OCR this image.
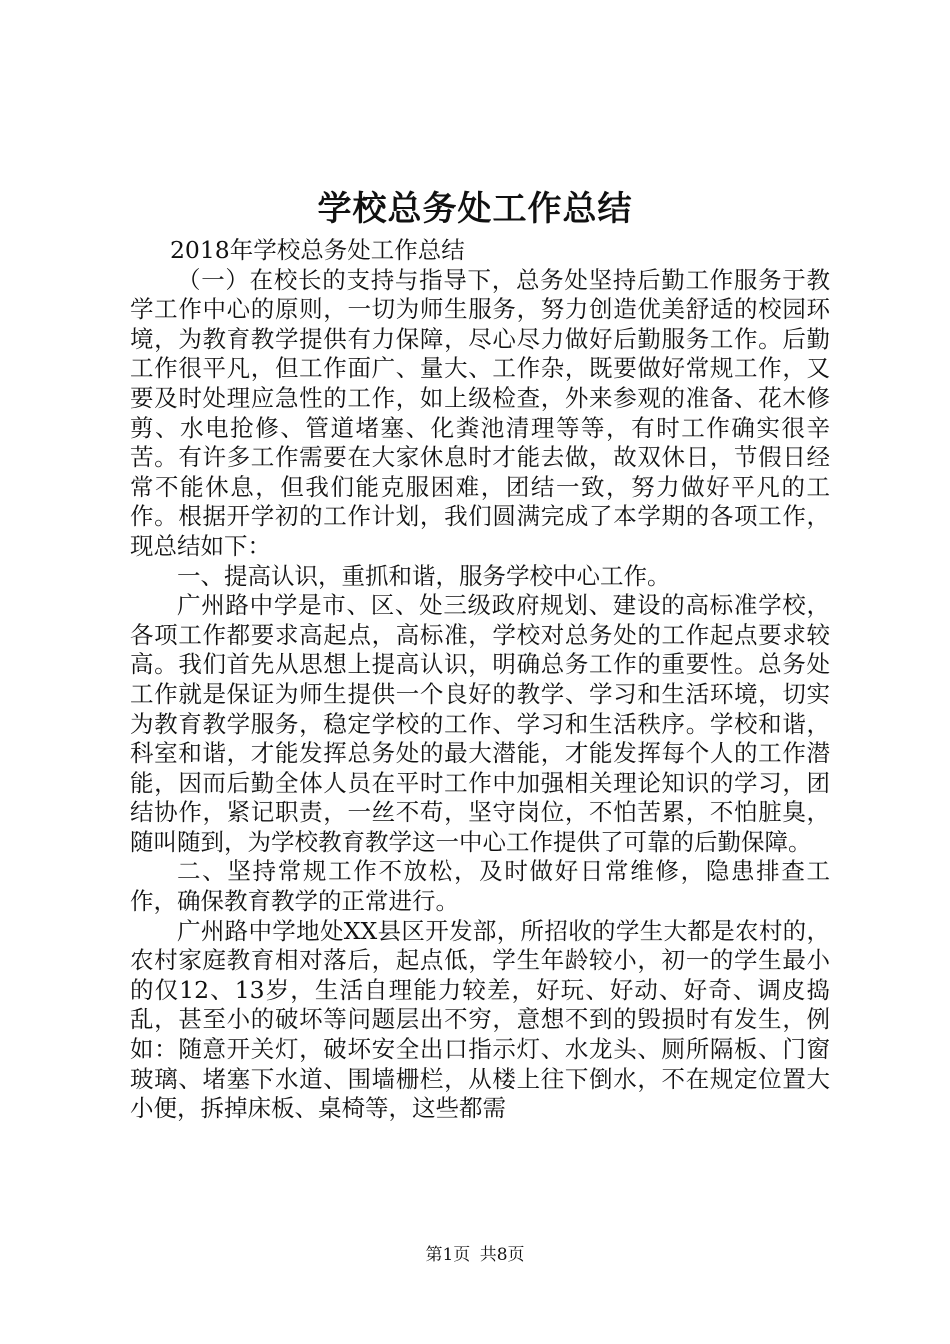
学校总务处工作总结

2018年学校总务处工作总结

（一）在校长的支持与指导下，总务处坚持后勤工作服务于教学工作中心的原则，一切为师生服务，努力创造优美舒适的校园环境，为教育教学提供有力保障，尽心尽力做好后勤服务工作。后勤工作很平凡，但工作面广、量大、工作杂，既要做好常规工作，又要及时处理应急性的工作，如上级检查，外来参观的准备、花木修剪、水电抢修、管道堵塞、化粪池清理等等，有时工作确实很辛苦。有许多工作需要在大家休息时才能去做，故双休日，节假日经常不能休息，但我们能克服困难，团结一致，努力做好平凡的工作。根据开学初的工作计划，我们圆满完成了本学期的各项工作，现总结如下：

一、提高认识，重抓和谐，服务学校中心工作。

广州路中学是市、区、处三级政府规划、建设的高标准学校，各项工作都要求高起点，高标准，学校对总务处的工作起点要求较高。我们首先从思想上提高认识，明确总务工作的重要性。总务处工作就是保证为师生提供一个良好的教学、学习和生活环境，切实为教育教学服务，稳定学校的工作、学习和生活秩序。学校和谐，科室和谐，才能发挥总务处的最大潜能，才能发挥每个人的工作潜能，因而后勤全体人员在平时工作中加强相关理论知识的学习，团结协作，紧记职责，一丝不苟，坚守岗位，不怕苦累，不怕脏臭，随叫随到，为学校教育教学这一中心工作提供了可靠的后勤保障。

二、坚持常规工作不放松，及时做好日常维修，隐患排查工作，确保教育教学的正常进行。

广州路中学地处XX县区开发部，所招收的学生大都是农村的，农村家庭教育相对落后，起点低，学生年龄较小，初一的学生最小的仅12、13岁，生活自理能力较差，好玩、好动、好奇、调皮捣乱，甚至小的破坏等问题层出不穷，意想不到的毁损时有发生，例如：随意开关灯，破坏安全出口指示灯、水龙头、厕所隔板、门窗玻璃、堵塞下水道、围墙栅栏，从楼上往下倒水，不在规定位置大小便，拆掉床板、桌椅等，这些都需

第1页 共8页
